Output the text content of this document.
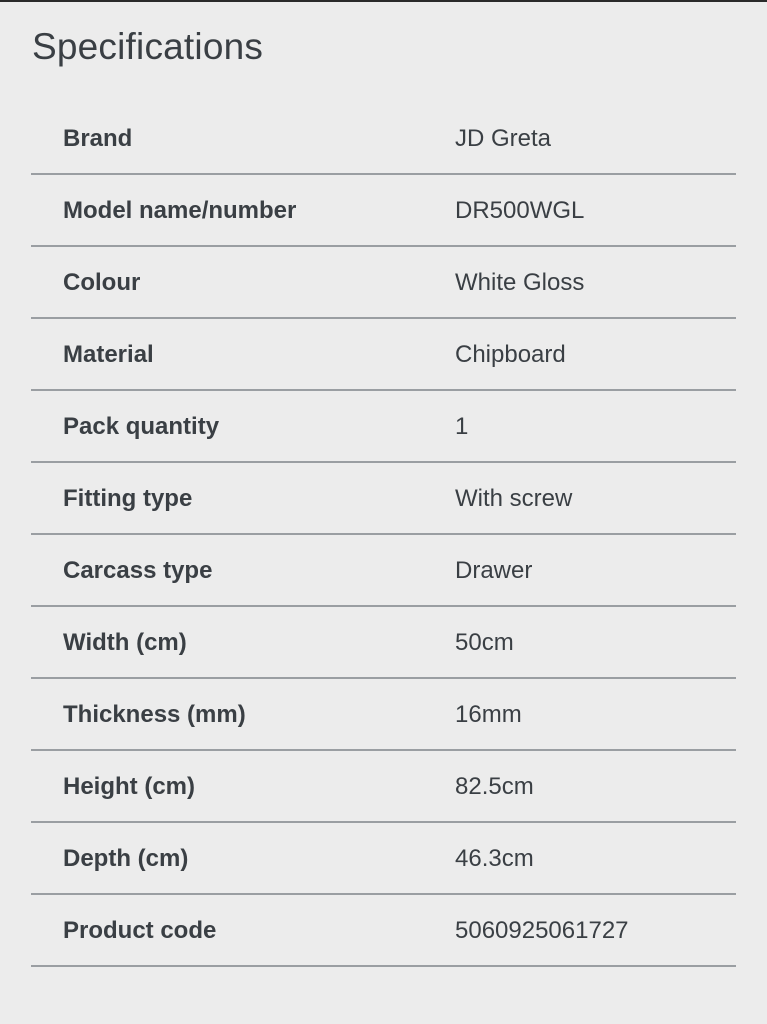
Specifications
Brand	JD Greta
Model name/number	DR500WGL
Colour	White Gloss
Material	Chipboard
Pack quantity	1
Fitting type	With screw
Carcass type	Drawer
Width (cm)	50cm
Thickness (mm)	16mm
Height (cm)	82.5cm
Depth (cm)	46.3cm
Product code	5060925061727
